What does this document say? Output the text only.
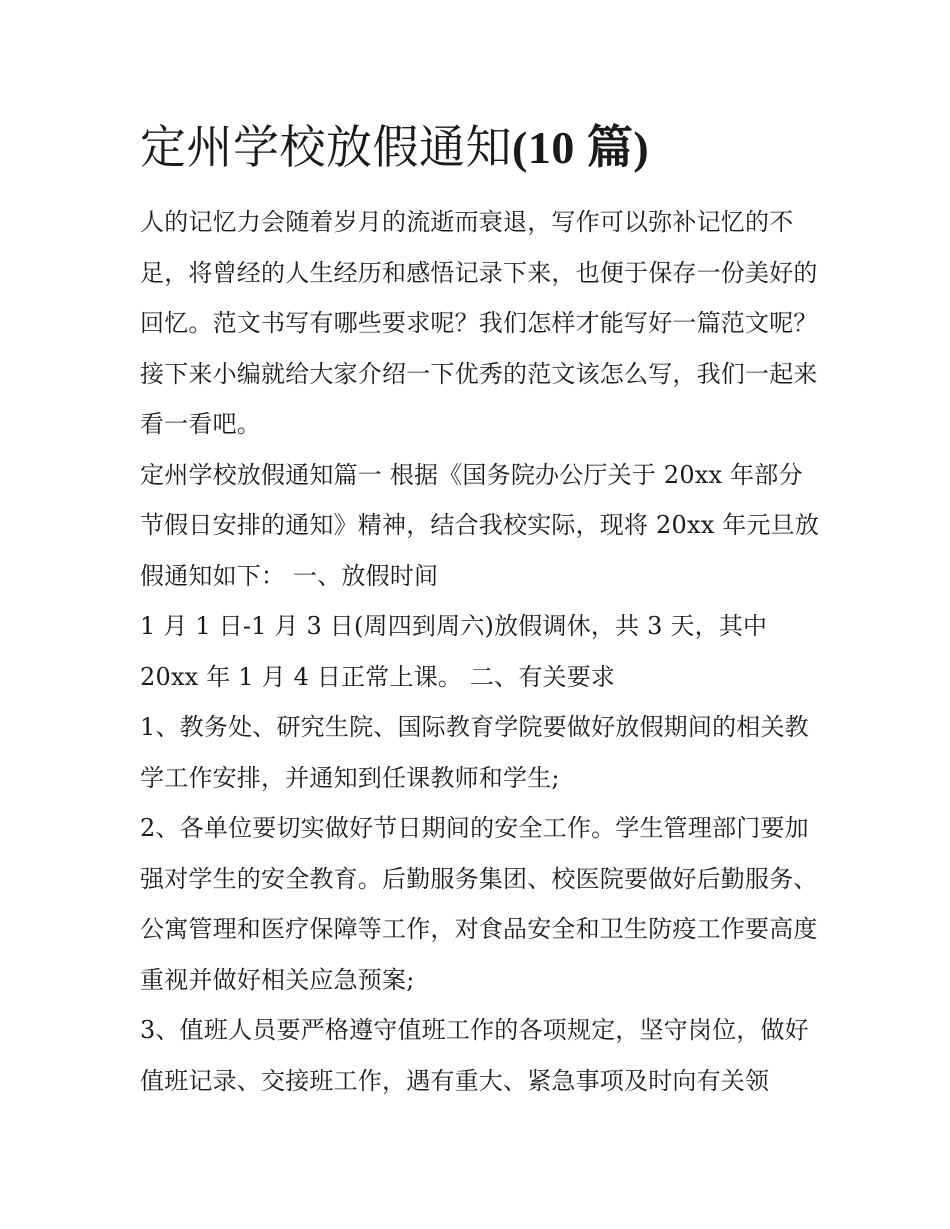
定州学校放假通知(10 篇)

人的记忆力会随着岁月的流逝而衰退，写作可以弥补记忆的不足，将曾经的人生经历和感悟记录下来，也便于保存一份美好的回忆。范文书写有哪些要求呢？我们怎样才能写好一篇范文呢？接下来小编就给大家介绍一下优秀的范文该怎么写，我们一起来看一看吧。

定州学校放假通知篇一 根据《国务院办公厅关于 20xx 年部分节假日安排的通知》精神，结合我校实际，现将 20xx 年元旦放假通知如下： 一、放假时间

1 月 1 日-1 月 3 日(周四到周六)放假调休，共 3 天，其中 20xx 年 1 月 4 日正常上课。 二、有关要求

1、教务处、研究生院、国际教育学院要做好放假期间的相关教学工作安排，并通知到任课教师和学生;

2、各单位要切实做好节日期间的安全工作。学生管理部门要加强对学生的安全教育。后勤服务集团、校医院要做好后勤服务、公寓管理和医疗保障等工作，对食品安全和卫生防疫工作要高度重视并做好相关应急预案;

3、值班人员要严格遵守值班工作的各项规定，坚守岗位，做好值班记录、交接班工作，遇有重大、紧急事项及时向有关领
